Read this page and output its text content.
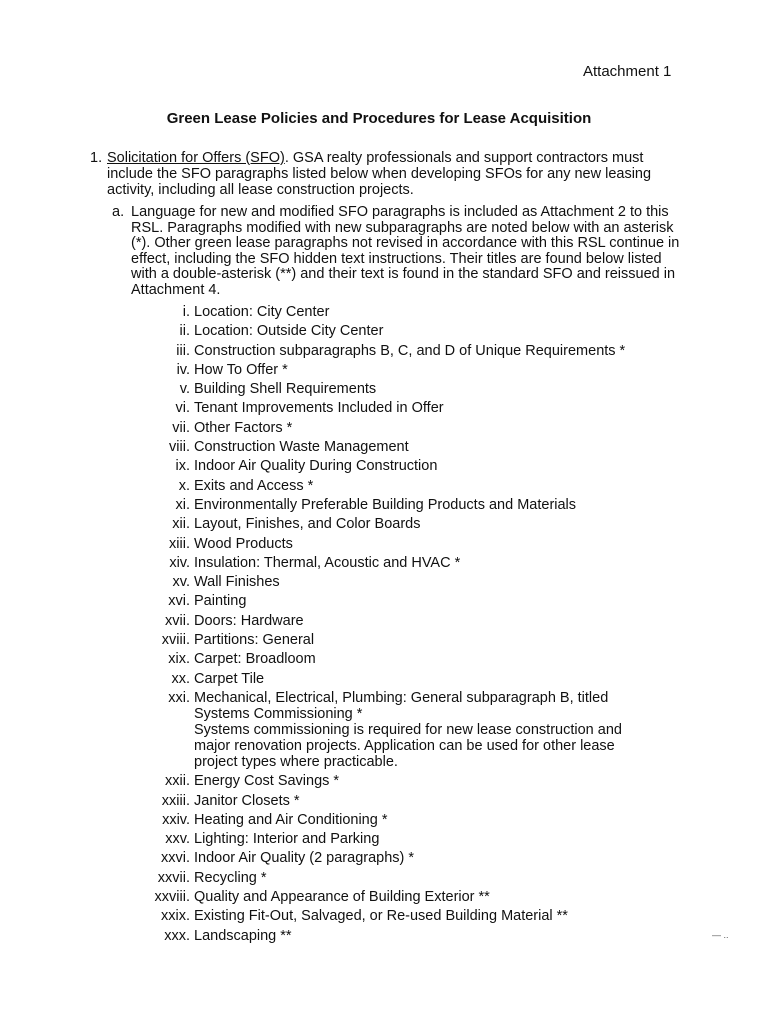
Attachment 1
Green Lease Policies and Procedures for Lease Acquisition
1. Solicitation for Offers (SFO). GSA realty professionals and support contractors must include the SFO paragraphs listed below when developing SFOs for any new leasing activity, including all lease construction projects.
a. Language for new and modified SFO paragraphs is included as Attachment 2 to this RSL. Paragraphs modified with new subparagraphs are noted below with an asterisk (*). Other green lease paragraphs not revised in accordance with this RSL continue in effect, including the SFO hidden text instructions. Their titles are found below listed with a double-asterisk (**) and their text is found in the standard SFO and reissued in Attachment 4.
i. Location: City Center
ii. Location: Outside City Center
iii. Construction subparagraphs B, C, and D of Unique Requirements *
iv. How To Offer *
v. Building Shell Requirements
vi. Tenant Improvements Included in Offer
vii. Other Factors *
viii. Construction Waste Management
ix. Indoor Air Quality During Construction
x. Exits and Access *
xi. Environmentally Preferable Building Products and Materials
xii. Layout, Finishes, and Color Boards
xiii. Wood Products
xiv. Insulation: Thermal, Acoustic and HVAC *
xv. Wall Finishes
xvi. Painting
xvii. Doors: Hardware
xviii. Partitions: General
xix. Carpet: Broadloom
xx. Carpet Tile
xxi. Mechanical, Electrical, Plumbing: General subparagraph B, titled Systems Commissioning *
Systems commissioning is required for new lease construction and major renovation projects. Application can be used for other lease project types where practicable.
xxii. Energy Cost Savings *
xxiii. Janitor Closets *
xxiv. Heating and Air Conditioning *
xxv. Lighting: Interior and Parking
xxvi. Indoor Air Quality (2 paragraphs) *
xxvii. Recycling *
xxviii. Quality and Appearance of Building Exterior **
xxix. Existing Fit-Out, Salvaged, or Re-used Building Material **
xxx. Landscaping **	— ..
